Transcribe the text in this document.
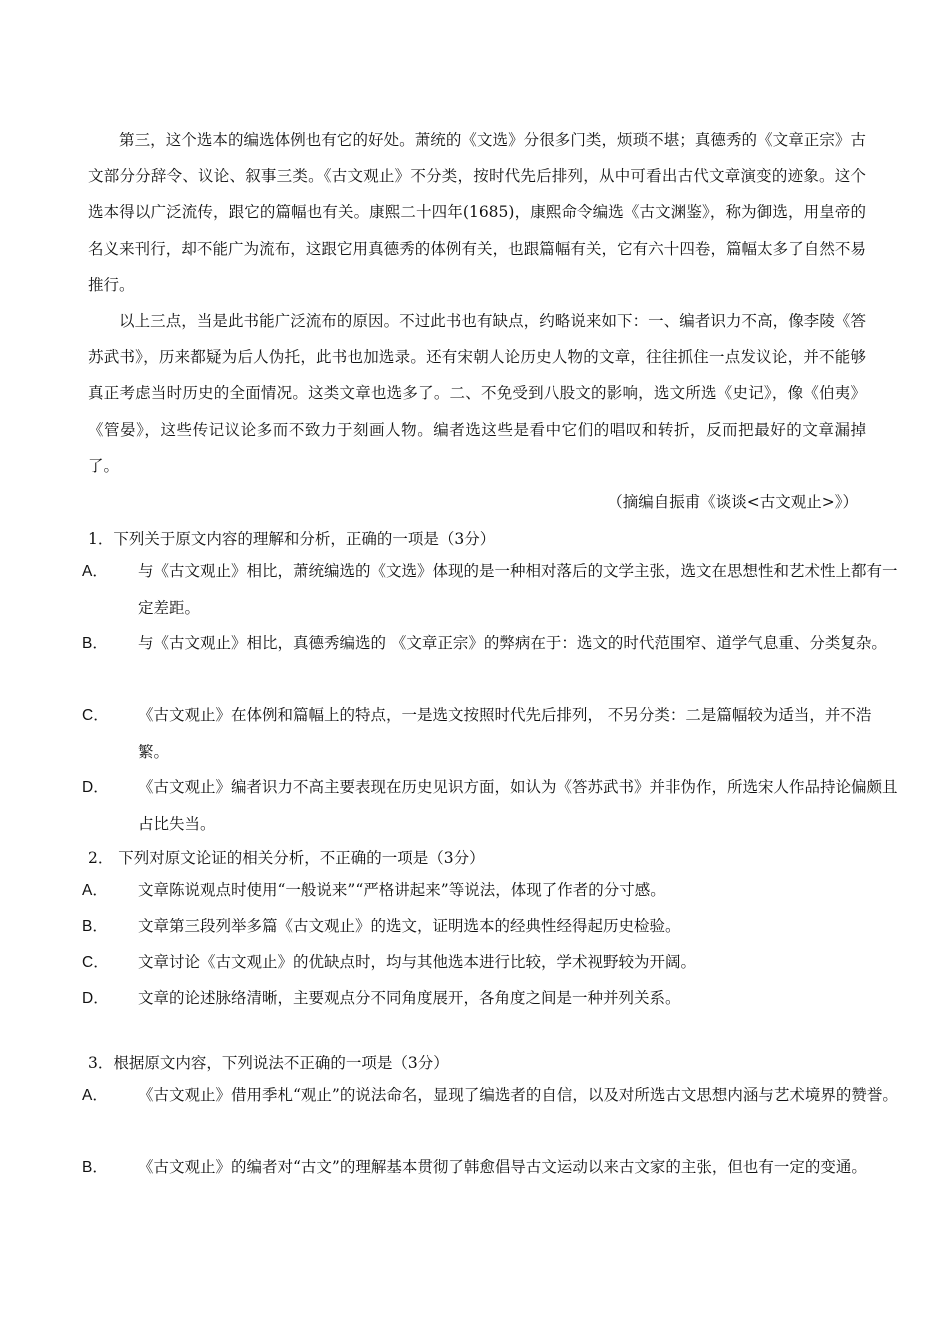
第三，这个选本的编选体例也有它的好处。萧统的《文选》分很多门类，烦琐不堪；真德秀的《文章正宗》古文部分分辞令、议论、叙事三类。《古文观止》不分类，按时代先后排列，从中可看出古代文章演变的迹象。这个选本得以广泛流传，跟它的篇幅也有关。康熙二十四年(1685)，康熙命令编选《古文渊鉴》，称为御选，用皇帝的名义来刊行，却不能广为流布，这跟它用真德秀的体例有关，也跟篇幅有关，它有六十四卷，篇幅太多了自然不易推行。

以上三点，当是此书能广泛流布的原因。不过此书也有缺点，约略说来如下：一、编者识力不高，像李陵《答苏武书》，历来都疑为后人伪托，此书也加选录。还有宋朝人论历史人物的文章，往往抓住一点发议论，并不能够真正考虑当时历史的全面情况。这类文章也选多了。二、不免受到八股文的影响，选文所选《史记》，像《伯夷》《管晏》，这些传记议论多而不致力于刻画人物。编者选这些是看中它们的唱叹和转折，反而把最好的文章漏掉了。

（摘编自振甫《谈谈<古文观止>》）
1．下列关于原文内容的理解和分析，正确的一项是（3分）

A． 与《古文观止》相比，萧统编选的《文选》体现的是一种相对落后的文学主张，选文在思想性和艺术性上都有一定差距。

B． 与《古文观止》相比，真德秀编选的 《文章正宗》的弊病在于：选文的时代范围窄、道学气息重、分类复杂。

C． 《古文观止》在体例和篇幅上的特点，一是选文按照时代先后排列， 不另分类：二是篇幅较为适当，并不浩繁。

D． 《古文观止》编者识力不高主要表现在历史见识方面，如认为《答苏武书》并非伪作，所选宋人作品持论偏颇且占比失当。

2． 下列对原文论证的相关分析，不正确的一项是（3分）

A． 文章陈说观点时使用“一般说来”“严格讲起来”等说法，体现了作者的分寸感。

B． 文章第三段列举多篇《古文观止》的选文，证明选本的经典性经得起历史检验。

C． 文章讨论《古文观止》的优缺点时，均与其他选本进行比较，学术视野较为开阔。

D． 文章的论述脉络清晰，主要观点分不同角度展开，各角度之间是一种并列关系。

3．根据原文内容，下列说法不正确的一项是（3分）

A． 《古文观止》借用季札“观止”的说法命名，显现了编选者的自信，以及对所选古文思想内涵与艺术境界的赞誉。

B． 《古文观止》的编者对“古文”的理解基本贯彻了韩愈倡导古文运动以来古文家的主张，但也有一定的变通。
